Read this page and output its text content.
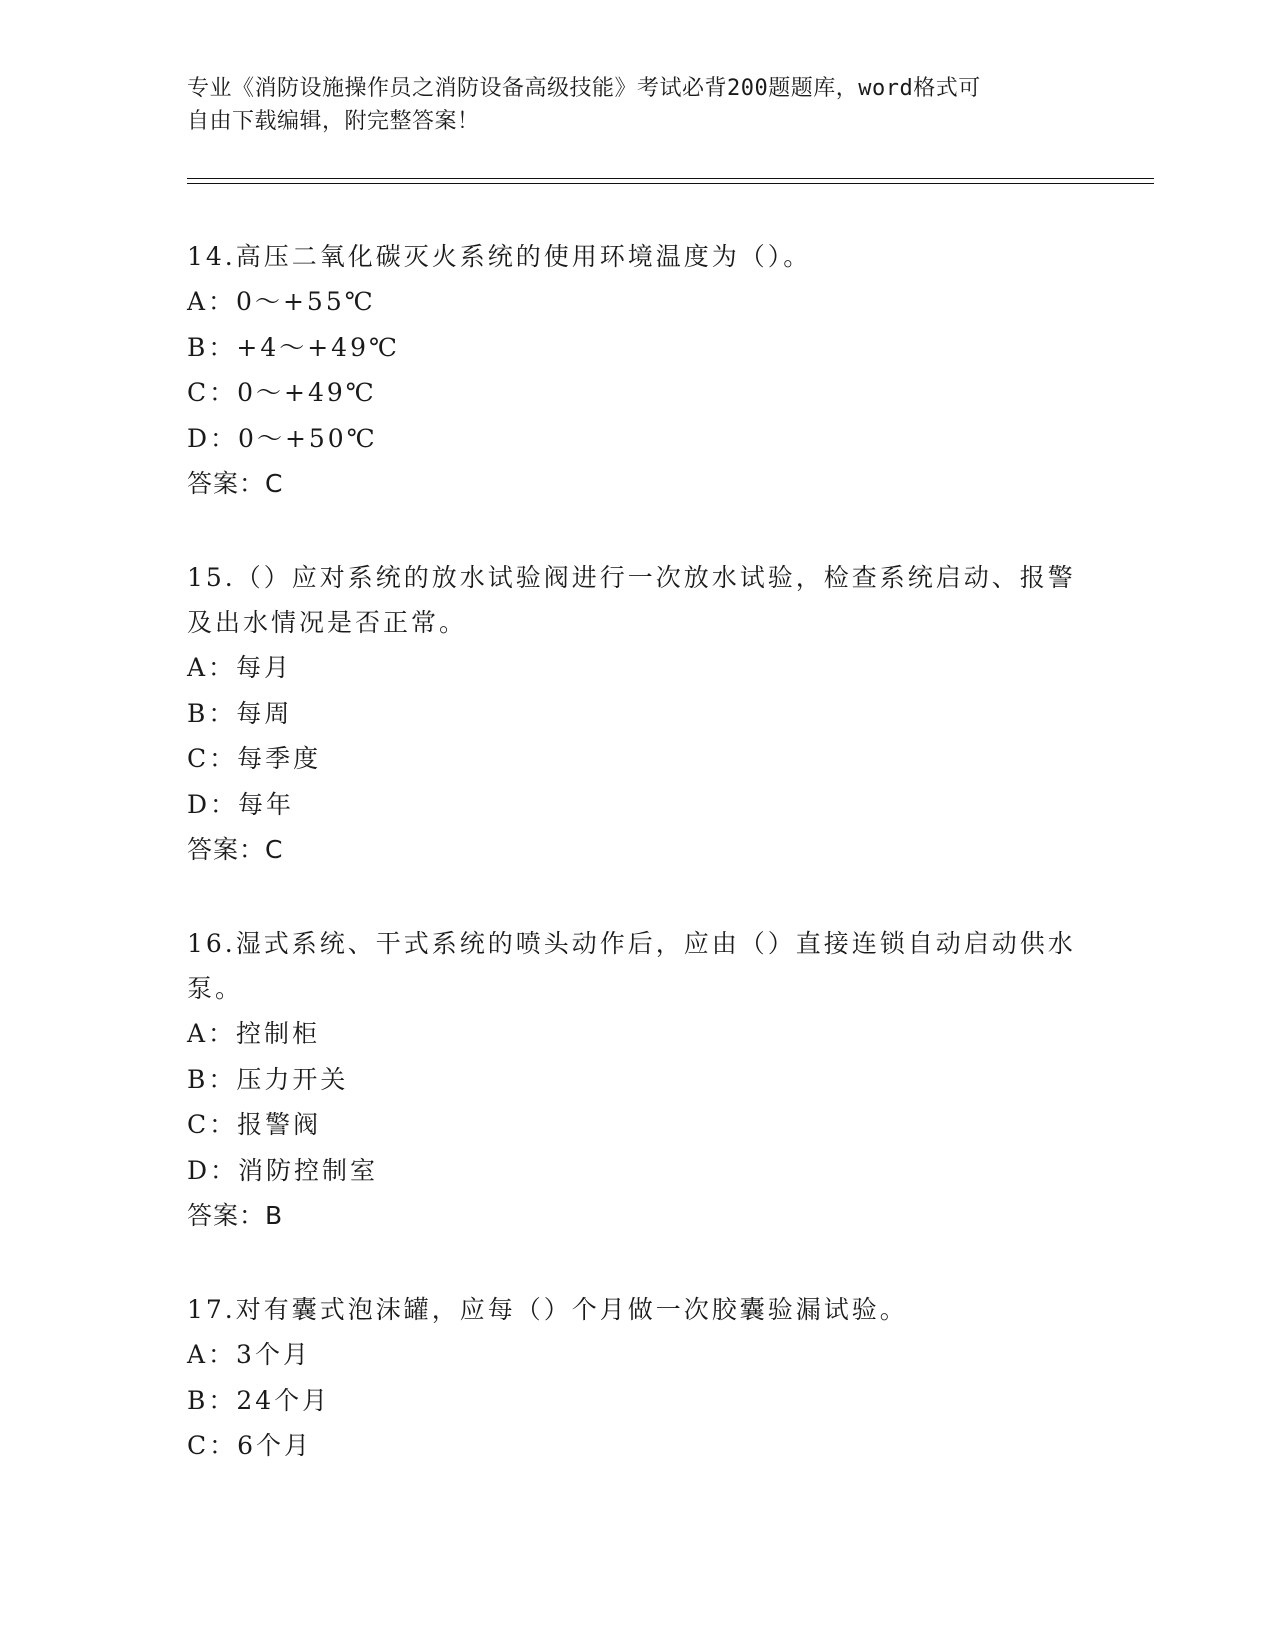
专业《消防设施操作员之消防设备高级技能》考试必背200题题库，word格式可
自由下载编辑，附完整答案！
14.高压二氧化碳灭火系统的使用环境温度为（）。
A：0～+55℃
B：+4～+49℃
C：0～+49℃
D：0～+50℃
答案：C
15.（）应对系统的放水试验阀进行一次放水试验，检查系统启动、报警及出水情况是否正常。
A：每月
B：每周
C：每季度
D：每年
答案：C
16.湿式系统、干式系统的喷头动作后，应由（）直接连锁自动启动供水泵。
A：控制柜
B：压力开关
C：报警阀
D：消防控制室
答案：B
17.对有囊式泡沫罐，应每（）个月做一次胶囊验漏试验。
A：3个月
B：24个月
C：6个月
